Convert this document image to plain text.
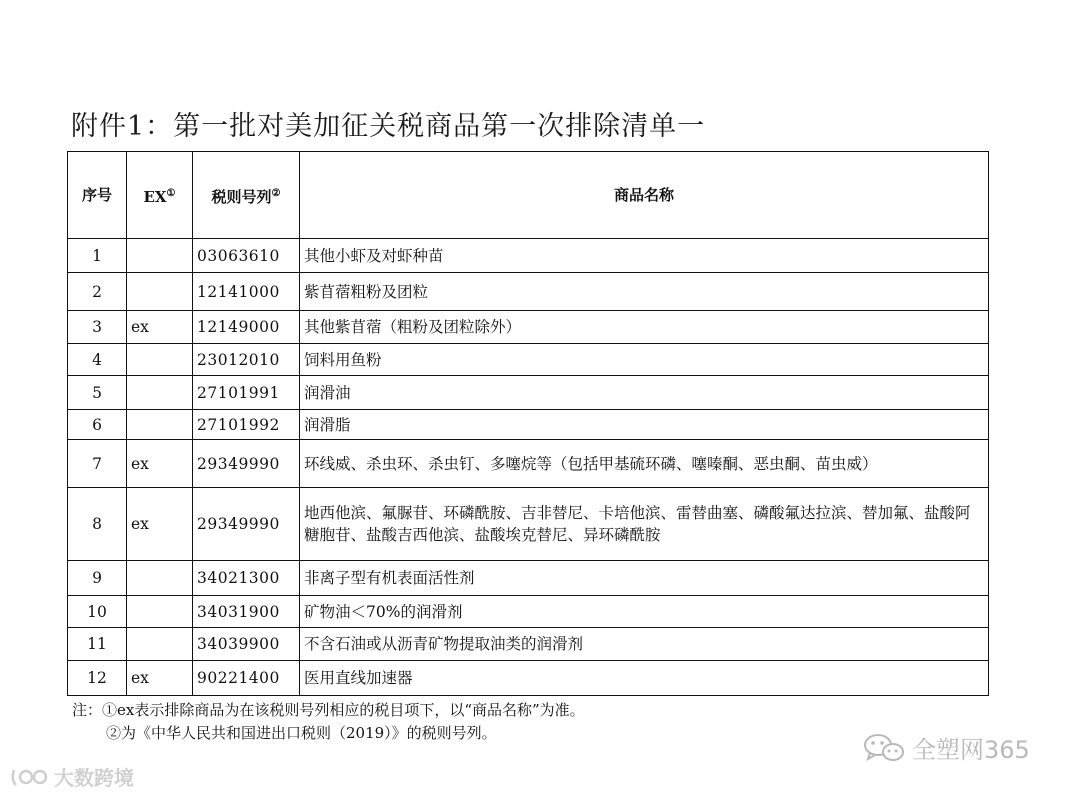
附件1：第一批对美加征关税商品第一次排除清单一
序号	EX①	税则号列②	商品名称
1		03063610	其他小虾及对虾种苗
2		12141000	紫苜蓿粗粉及团粒
3	ex	12149000	其他紫苜蓿（粗粉及团粒除外）
4		23012010	饲料用鱼粉
5		27101991	润滑油
6		27101992	润滑脂
7	ex	29349990	环线威、杀虫环、杀虫钉、多噻烷等（包括甲基硫环磷、噻嗪酮、恶虫酮、苗虫威）
8	ex	29349990	地西他滨、氟脲苷、环磷酰胺、吉非替尼、卡培他滨、雷替曲塞、磷酸氟达拉滨、替加氟、盐酸阿糖胞苷、盐酸吉西他滨、盐酸埃克替尼、异环磷酰胺
9		34021300	非离子型有机表面活性剂
10		34031900	矿物油＜70%的润滑剂
11		34039900	不含石油或从沥青矿物提取油类的润滑剂
12	ex	90221400	医用直线加速器
注：①ex表示排除商品为在该税则号列相应的税目项下，以“商品名称”为准。
②为《中华人民共和国进出口税则（2019）》的税则号列。
大数跨境
全塑网365
